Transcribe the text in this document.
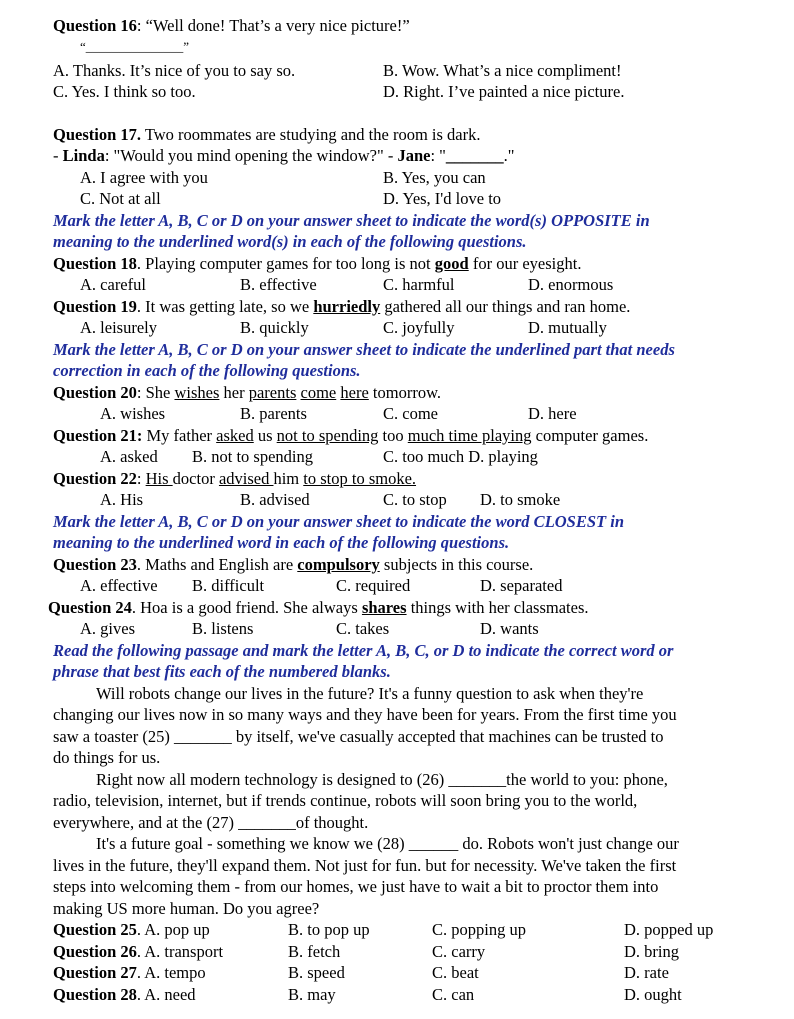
Question 16: “Well done! That’s a very nice picture!”
“_______________”
A. Thanks. It’s nice of you to say so.	B. Wow. What’s a nice compliment!
C. Yes. I think so too.	D. Right. I’ve painted a nice picture.
Question 17. Two roommates are studying and the room is dark.
- Linda: "Would you mind opening the window?" - Jane: "_______."
A. I agree with you	B. Yes, you can
C. Not at all	D. Yes, I'd love to
Mark the letter A, B, C or D on your answer sheet to indicate the word(s) OPPOSITE in
meaning to the underlined word(s) in each of the following questions.
Question 18. Playing computer games for too long is not good for our eyesight.
A. careful	B. effective	C. harmful	D. enormous
Question 19. It was getting late, so we hurriedly gathered all our things and ran home.
A. leisurely	B. quickly	C. joyfully	D. mutually
Mark the letter A, B, C or D on your answer sheet to indicate the underlined part that needs
correction in each of the following questions.
Question 20: She wishes her parents come here tomorrow.
A. wishes	B. parents	C. come	D. here
Question 21: My father asked us not to spending too much time playing computer games.
A. asked B. not to spending	C. too much D. playing
Question 22: His doctor advised him to stop to smoke.
A. His	B. advised	C. to stop D. to smoke
Mark the letter A, B, C or D on your answer sheet to indicate the word CLOSEST in
meaning to the underlined word in each of the following questions.
Question 23. Maths and English are compulsory subjects in this course.
A. effective B. difficult	C. required	D. separated
Question 24. Hoa is a good friend. She always shares things with her classmates.
A. gives	B. listens	C. takes	D. wants
Read the following passage and mark the letter A, B, C, or D to indicate the correct word or
phrase that best fits each of the numbered blanks.
Will robots change our lives in the future? It's a funny question to ask when they're
changing our lives now in so many ways and they have been for years. From the first time you
saw a toaster (25) _______ by itself, we've casually accepted that machines can be trusted to
do things for us.
Right now all modern technology is designed to (26) _______the world to you: phone,
radio, television, internet, but if trends continue, robots will soon bring you to the world,
everywhere, and at the (27) _______of thought.
It's a future goal - something we know we (28) ______ do. Robots won't just change our
lives in the future, they'll expand them. Not just for fun. but for necessity. We've taken the first
steps into welcoming them - from our homes, we just have to wait a bit to proctor them into
making US more human. Do you agree?
Question 25. A. pop up	B. to pop up	C. popping up	D. popped up
Question 26. A. transport	B. fetch	C. carry	D. bring
Question 27. A. tempo	B. speed	C. beat	D. rate
Question 28. A. need	B. may	C. can	D. ought
